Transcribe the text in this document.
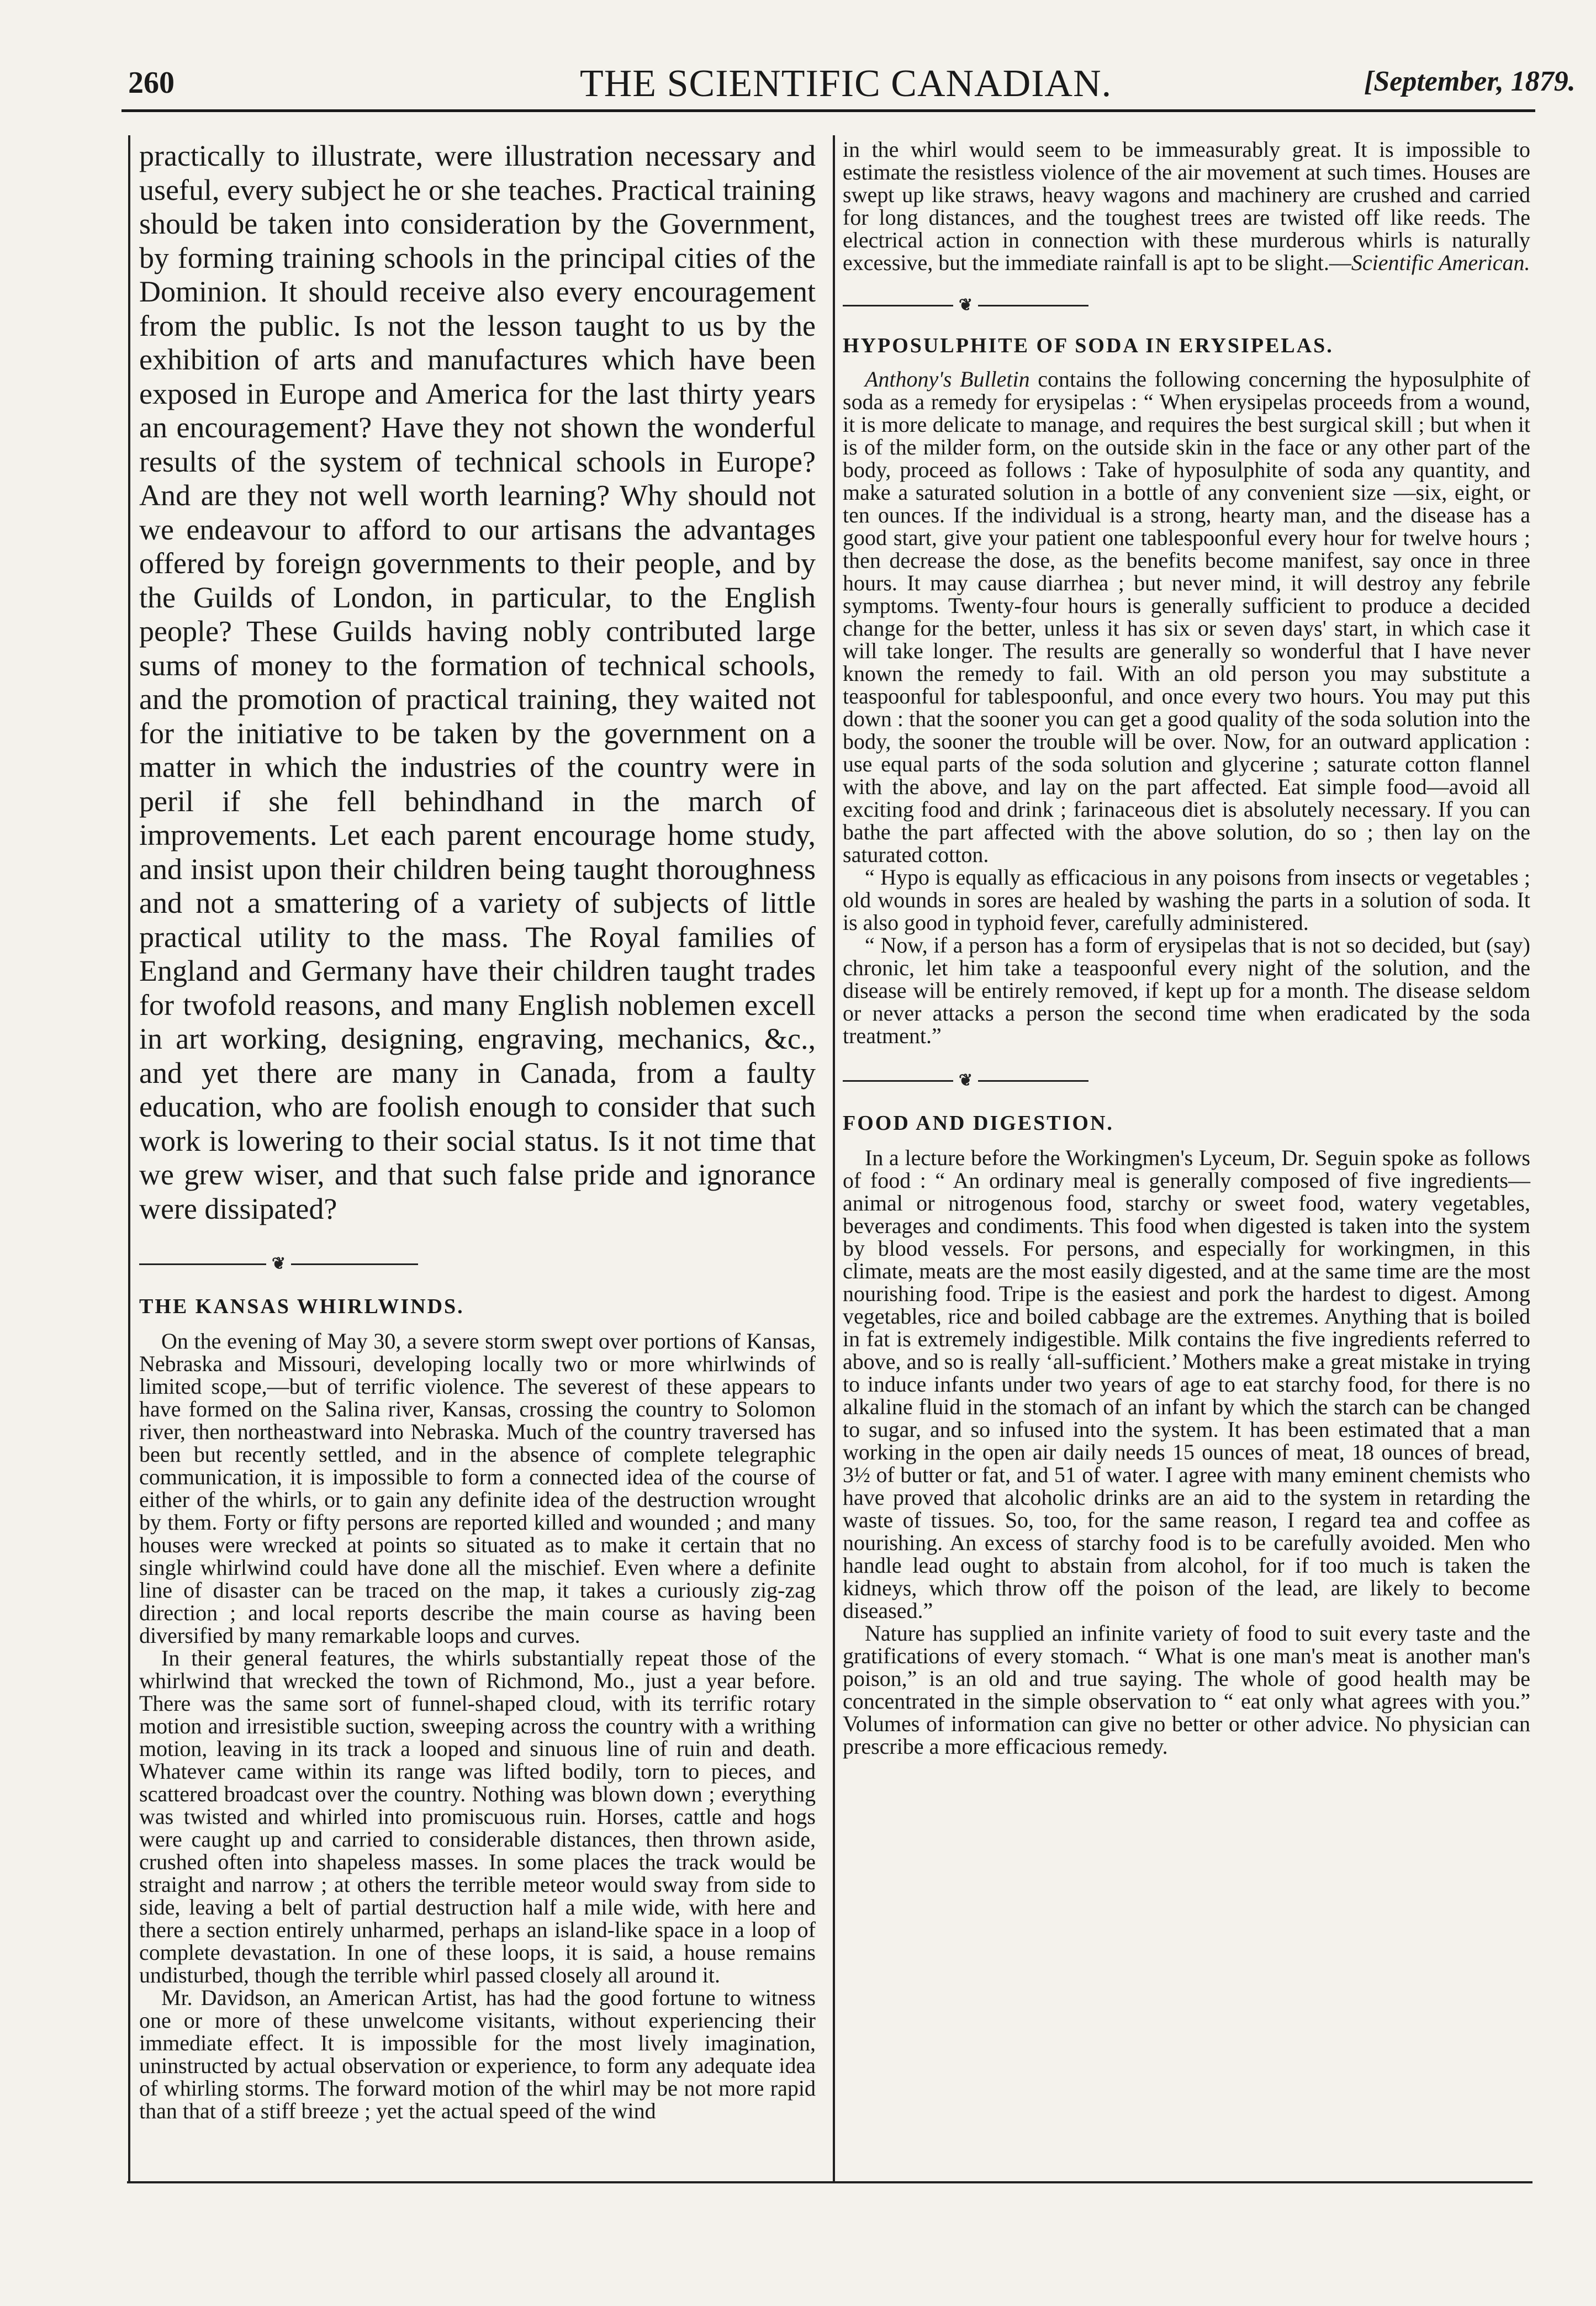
260	THE SCIENTIFIC CANADIAN.	[September, 1879.

practically to illustrate, were illustration necessary and useful, every subject he or she teaches. Practical training should be taken into consideration by the Government, by forming training schools in the principal cities of the Dominion. It should receive also every encouragement from the public. Is not the lesson taught to us by the exhibition of arts and manufactures which have been exposed in Europe and America for the last thirty years an encouragement? Have they not shown the wonderful results of the system of technical schools in Europe? And are they not well worth learning? Why should not we endeavour to afford to our artisans the advantages offered by foreign governments to their people, and by the Guilds of London, in particular, to the English people? These Guilds having nobly contributed large sums of money to the formation of technical schools, and the promotion of practical training, they waited not for the initiative to be taken by the government on a matter in which the industries of the country were in peril if she fell behindhand in the march of improvements. Let each parent encourage home study, and insist upon their children being taught thoroughness and not a smattering of a variety of subjects of little practical utility to the mass. The Royal families of England and Germany have their children taught trades for twofold reasons, and many English noblemen excell in art working, designing, engraving, mechanics, &c., and yet there are many in Canada, from a faulty education, who are foolish enough to consider that such work is lowering to their social status. Is it not time that we grew wiser, and that such false pride and ignorance were dissipated?

❦

THE KANSAS WHIRLWINDS.

On the evening of May 30, a severe storm swept over portions of Kansas, Nebraska and Missouri, developing locally two or more whirlwinds of limited scope,—but of terrific violence. The severest of these appears to have formed on the Salina river, Kansas, crossing the country to Solomon river, then northeastward into Nebraska. Much of the country traversed has been but recently settled, and in the absence of complete telegraphic communication, it is impossible to form a connected idea of the course of either of the whirls, or to gain any definite idea of the destruction wrought by them. Forty or fifty persons are reported killed and wounded ; and many houses were wrecked at points so situated as to make it certain that no single whirlwind could have done all the mischief. Even where a definite line of disaster can be traced on the map, it takes a curiously zig-zag direction ; and local reports describe the main course as having been diversified by many remarkable loops and curves.

In their general features, the whirls substantially repeat those of the whirlwind that wrecked the town of Richmond, Mo., just a year before. There was the same sort of funnel-shaped cloud, with its terrific rotary motion and irresistible suction, sweeping across the country with a writhing motion, leaving in its track a looped and sinuous line of ruin and death. Whatever came within its range was lifted bodily, torn to pieces, and scattered broadcast over the country. Nothing was blown down ; everything was twisted and whirled into promiscuous ruin. Horses, cattle and hogs were caught up and carried to considerable distances, then thrown aside, crushed often into shapeless masses. In some places the track would be straight and narrow ; at others the terrible meteor would sway from side to side, leaving a belt of partial destruction half a mile wide, with here and there a section entirely unharmed, perhaps an island-like space in a loop of complete devastation. In one of these loops, it is said, a house remains undisturbed, though the terrible whirl passed closely all around it.

Mr. Davidson, an American Artist, has had the good fortune to witness one or more of these unwelcome visitants, without experiencing their immediate effect. It is impossible for the most lively imagination, uninstructed by actual observation or experience, to form any adequate idea of whirling storms. The forward motion of the whirl may be not more rapid than that of a stiff breeze ; yet the actual speed of the wind

in the whirl would seem to be immeasurably great. It is impossible to estimate the resistless violence of the air movement at such times. Houses are swept up like straws, heavy wagons and machinery are crushed and carried for long distances, and the toughest trees are twisted off like reeds. The electrical action in connection with these murderous whirls is naturally excessive, but the immediate rainfall is apt to be slight.—Scientific American.

❦

HYPOSULPHITE OF SODA IN ERYSIPELAS.

Anthony's Bulletin contains the following concerning the hyposulphite of soda as a remedy for erysipelas : “ When erysipelas proceeds from a wound, it is more delicate to manage, and requires the best surgical skill ; but when it is of the milder form, on the outside skin in the face or any other part of the body, proceed as follows : Take of hyposulphite of soda any quantity, and make a saturated solution in a bottle of any convenient size —six, eight, or ten ounces. If the individual is a strong, hearty man, and the disease has a good start, give your patient one tablespoonful every hour for twelve hours ; then decrease the dose, as the benefits become manifest, say once in three hours. It may cause diarrhea ; but never mind, it will destroy any febrile symptoms. Twenty-four hours is generally sufficient to produce a decided change for the better, unless it has six or seven days' start, in which case it will take longer. The results are generally so wonderful that I have never known the remedy to fail. With an old person you may substitute a teaspoonful for tablespoonful, and once every two hours. You may put this down : that the sooner you can get a good quality of the soda solution into the body, the sooner the trouble will be over. Now, for an outward application : use equal parts of the soda solution and glycerine ; saturate cotton flannel with the above, and lay on the part affected. Eat simple food—avoid all exciting food and drink ; farinaceous diet is absolutely necessary. If you can bathe the part affected with the above solution, do so ; then lay on the saturated cotton.

“ Hypo is equally as efficacious in any poisons from insects or vegetables ; old wounds in sores are healed by washing the parts in a solution of soda. It is also good in typhoid fever, carefully administered.

“ Now, if a person has a form of erysipelas that is not so decided, but (say) chronic, let him take a teaspoonful every night of the solution, and the disease will be entirely removed, if kept up for a month. The disease seldom or never attacks a person the second time when eradicated by the soda treatment.”

❦

FOOD AND DIGESTION.

In a lecture before the Workingmen's Lyceum, Dr. Seguin spoke as follows of food : “ An ordinary meal is generally composed of five ingredients—animal or nitrogenous food, starchy or sweet food, watery vegetables, beverages and condiments. This food when digested is taken into the system by blood vessels. For persons, and especially for workingmen, in this climate, meats are the most easily digested, and at the same time are the most nourishing food. Tripe is the easiest and pork the hardest to digest. Among vegetables, rice and boiled cabbage are the extremes. Anything that is boiled in fat is extremely indigestible. Milk contains the five ingredients referred to above, and so is really ‘all-sufficient.’ Mothers make a great mistake in trying to induce infants under two years of age to eat starchy food, for there is no alkaline fluid in the stomach of an infant by which the starch can be changed to sugar, and so infused into the system. It has been estimated that a man working in the open air daily needs 15 ounces of meat, 18 ounces of bread, 3½ of butter or fat, and 51 of water. I agree with many eminent chemists who have proved that alcoholic drinks are an aid to the system in retarding the waste of tissues. So, too, for the same reason, I regard tea and coffee as nourishing. An excess of starchy food is to be carefully avoided. Men who handle lead ought to abstain from alcohol, for if too much is taken the kidneys, which throw off the poison of the lead, are likely to become diseased.”

Nature has supplied an infinite variety of food to suit every taste and the gratifications of every stomach. “ What is one man's meat is another man's poison,” is an old and true saying. The whole of good health may be concentrated in the simple observation to “ eat only what agrees with you.” Volumes of information can give no better or other advice. No physician can prescribe a more efficacious remedy.
